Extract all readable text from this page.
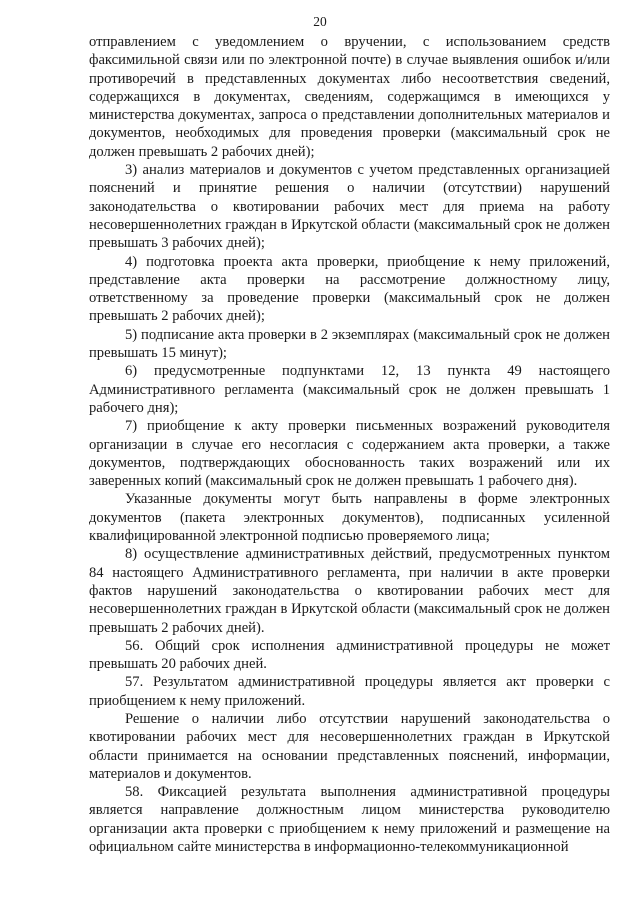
20

отправлением с уведомлением о вручении, с использованием средств факсимильной связи или по электронной почте) в случае выявления ошибок и/или противоречий в представленных документах либо несоответствия сведений, содержащихся в документах, сведениям, содержащимся в имеющихся у министерства документах, запроса о представлении дополнительных материалов и документов, необходимых для проведения проверки (максимальный срок не должен превышать 2 рабочих дней);

3) анализ материалов и документов с учетом представленных организацией пояснений и принятие решения о наличии (отсутствии) нарушений законодательства о квотировании рабочих мест для приема на работу несовершеннолетних граждан в Иркутской области (максимальный срок не должен превышать 3 рабочих дней);

4) подготовка проекта акта проверки, приобщение к нему приложений, представление акта проверки на рассмотрение должностному лицу, ответственному за проведение проверки (максимальный срок не должен превышать 2 рабочих дней);

5) подписание акта проверки в 2 экземплярах (максимальный срок не должен превышать 15 минут);

6) предусмотренные подпунктами 12, 13 пункта 49 настоящего Административного регламента (максимальный срок не должен превышать 1 рабочего дня);

7) приобщение к акту проверки письменных возражений руководителя организации в случае его несогласия с содержанием акта проверки, а также документов, подтверждающих обоснованность таких возражений или их заверенных копий (максимальный срок не должен превышать 1 рабочего дня).

Указанные документы могут быть направлены в форме электронных документов (пакета электронных документов), подписанных усиленной квалифицированной электронной подписью проверяемого лица;

8) осуществление административных действий, предусмотренных пунктом 84 настоящего Административного регламента, при наличии в акте проверки фактов нарушений законодательства о квотировании рабочих мест для несовершеннолетних граждан в Иркутской области (максимальный срок не должен превышать 2 рабочих дней).

56. Общий срок исполнения административной процедуры не может превышать 20 рабочих дней.

57. Результатом административной процедуры является акт проверки с приобщением к нему приложений.

Решение о наличии либо отсутствии нарушений законодательства о квотировании рабочих мест для несовершеннолетних граждан в Иркутской области принимается на основании представленных пояснений, информации, материалов и документов.

58. Фиксацией результата выполнения административной процедуры является направление должностным лицом министерства руководителю организации акта проверки с приобщением к нему приложений и размещение на официальном сайте министерства в информационно-телекоммуникационной
